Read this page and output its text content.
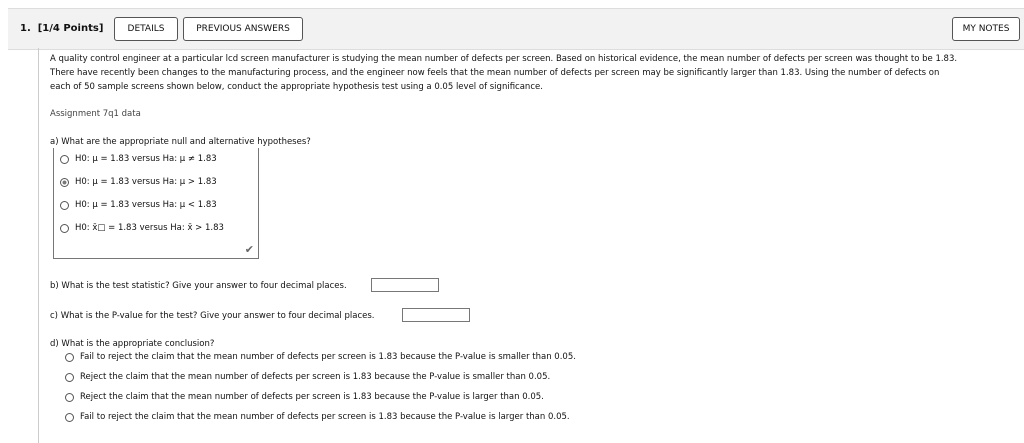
1. [1/4 Points]	DETAILS	PREVIOUS ANSWERS	MY NOTES
A quality control engineer at a particular lcd screen manufacturer is studying the mean number of defects per screen. Based on historical evidence, the mean number of defects per screen was thought to be 1.83.
There have recently been changes to the manufacturing process, and the engineer now feels that the mean number of defects per screen may be significantly larger than 1.83. Using the number of defects on
each of 50 sample screens shown below, conduct the appropriate hypothesis test using a 0.05 level of significance.
Assignment 7q1 data
a) What are the appropriate null and alternative hypotheses?
H0: μ = 1.83 versus Ha: μ ≠ 1.83
H0: μ = 1.83 versus Ha: μ > 1.83
H0: μ = 1.83 versus Ha: μ < 1.83
H0: x̄□ = 1.83 versus Ha: x̄ > 1.83
✔
b) What is the test statistic? Give your answer to four decimal places.
c) What is the P-value for the test? Give your answer to four decimal places.
d) What is the appropriate conclusion?
Fail to reject the claim that the mean number of defects per screen is 1.83 because the P-value is smaller than 0.05.
Reject the claim that the mean number of defects per screen is 1.83 because the P-value is smaller than 0.05.
Reject the claim that the mean number of defects per screen is 1.83 because the P-value is larger than 0.05.
Fail to reject the claim that the mean number of defects per screen is 1.83 because the P-value is larger than 0.05.
